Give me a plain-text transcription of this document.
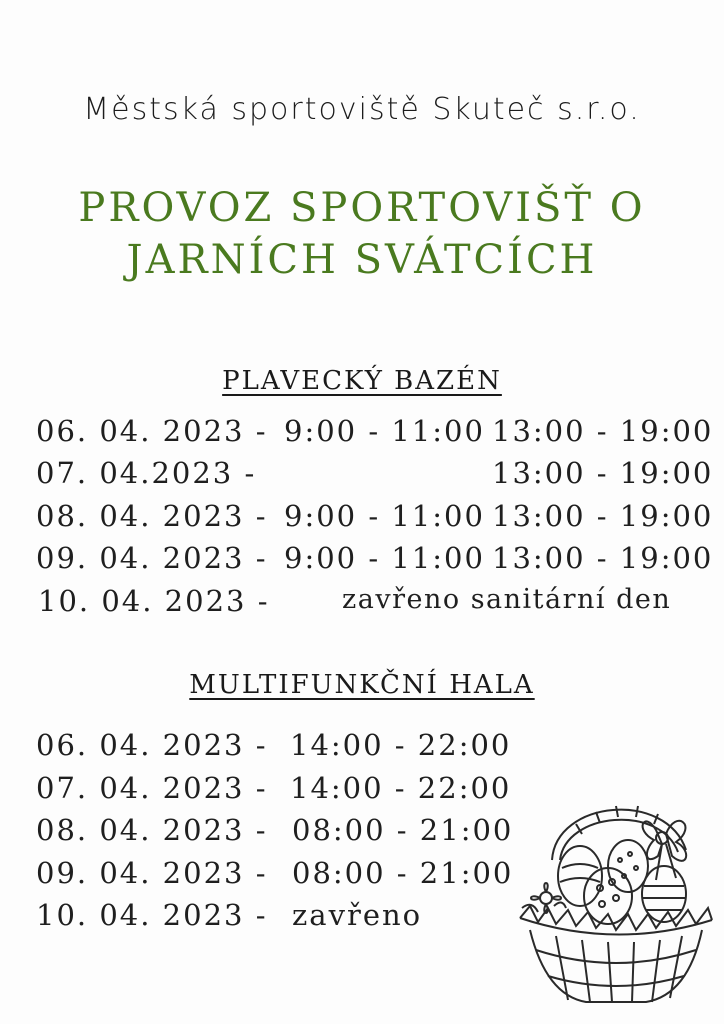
Městská sportoviště Skuteč s.r.o.
PROVOZ SPORTOVIŠŤ O
JARNÍCH SVÁTCÍCH
PLAVECKÝ BAZÉN
06. 04. 2023 - 9:00 - 11:00 13:00 - 19:00
07. 04.2023 -	13:00 - 19:00
08. 04. 2023 - 9:00 - 11:00 13:00 - 19:00
09. 04. 2023 - 9:00 - 11:00 13:00 - 19:00
10. 04. 2023 -	zavřeno sanitární den
MULTIFUNKČNÍ HALA
06. 04. 2023 - 14:00 - 22:00
07. 04. 2023 - 14:00 - 22:00
08. 04. 2023 - 08:00 - 21:00
09. 04. 2023 - 08:00 - 21:00
10. 04. 2023 - zavřeno
